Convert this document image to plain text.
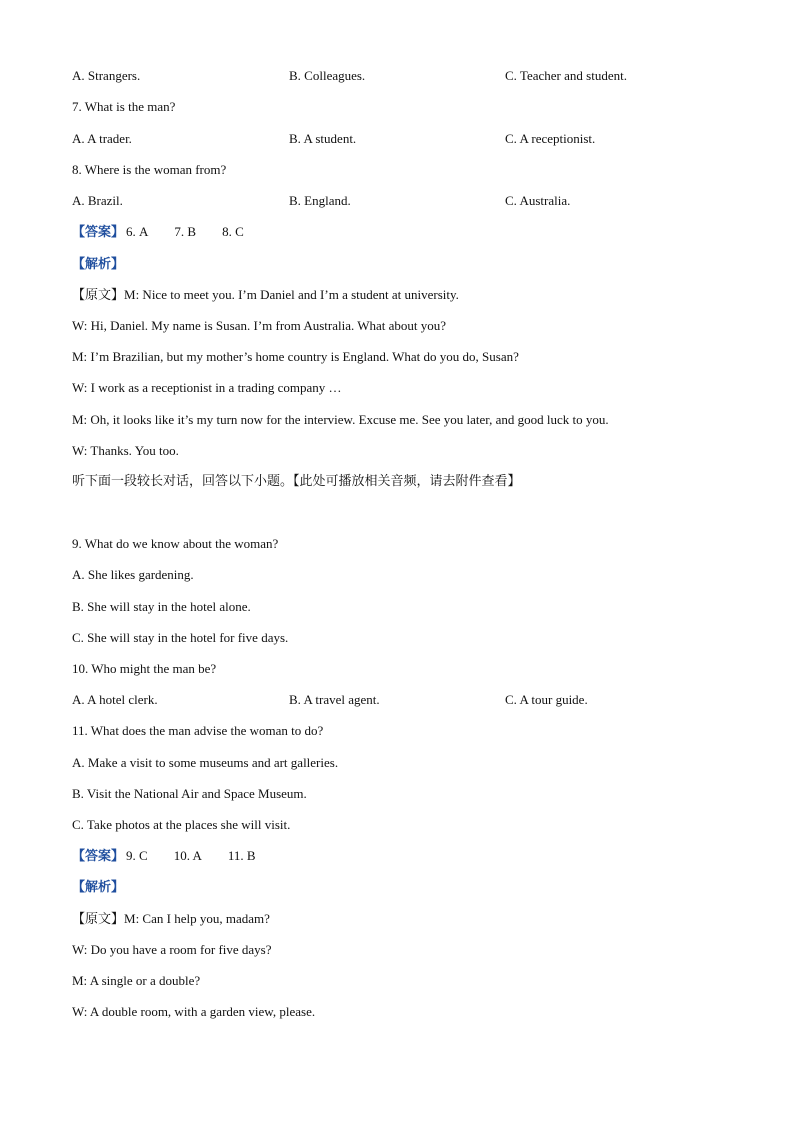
A. Strangers.	B. Colleagues.	C. Teacher and student.
7. What is the man?
A. A trader.	B. A student.	C. A receptionist.
8. Where is the woman from?
A. Brazil.	B. England.	C. Australia.
【答案】 6. A 7. B 8. C
【解析】
【原文】M: Nice to meet you. I’m Daniel and I’m a student at university.
W: Hi, Daniel. My name is Susan. I’m from Australia. What about you?
M: I’m Brazilian, but my mother’s home country is England. What do you do, Susan?
W: I work as a receptionist in a trading company …
M: Oh, it looks like it’s my turn now for the interview. Excuse me. See you later, and good luck to you.
W: Thanks. You too.
听下面一段较长对话，回答以下小题。【此处可播放相关音频，请去附件查看】
9. What do we know about the woman?
A. She likes gardening.
B. She will stay in the hotel alone.
C. She will stay in the hotel for five days.
10. Who might the man be?
A. A hotel clerk.	B. A travel agent.	C. A tour guide.
11. What does the man advise the woman to do?
A. Make a visit to some museums and art galleries.
B. Visit the National Air and Space Museum.
C. Take photos at the places she will visit.
【答案】 9. C 10. A 11. B
【解析】
【原文】M: Can I help you, madam?
W: Do you have a room for five days?
M: A single or a double?
W: A double room, with a garden view, please.
